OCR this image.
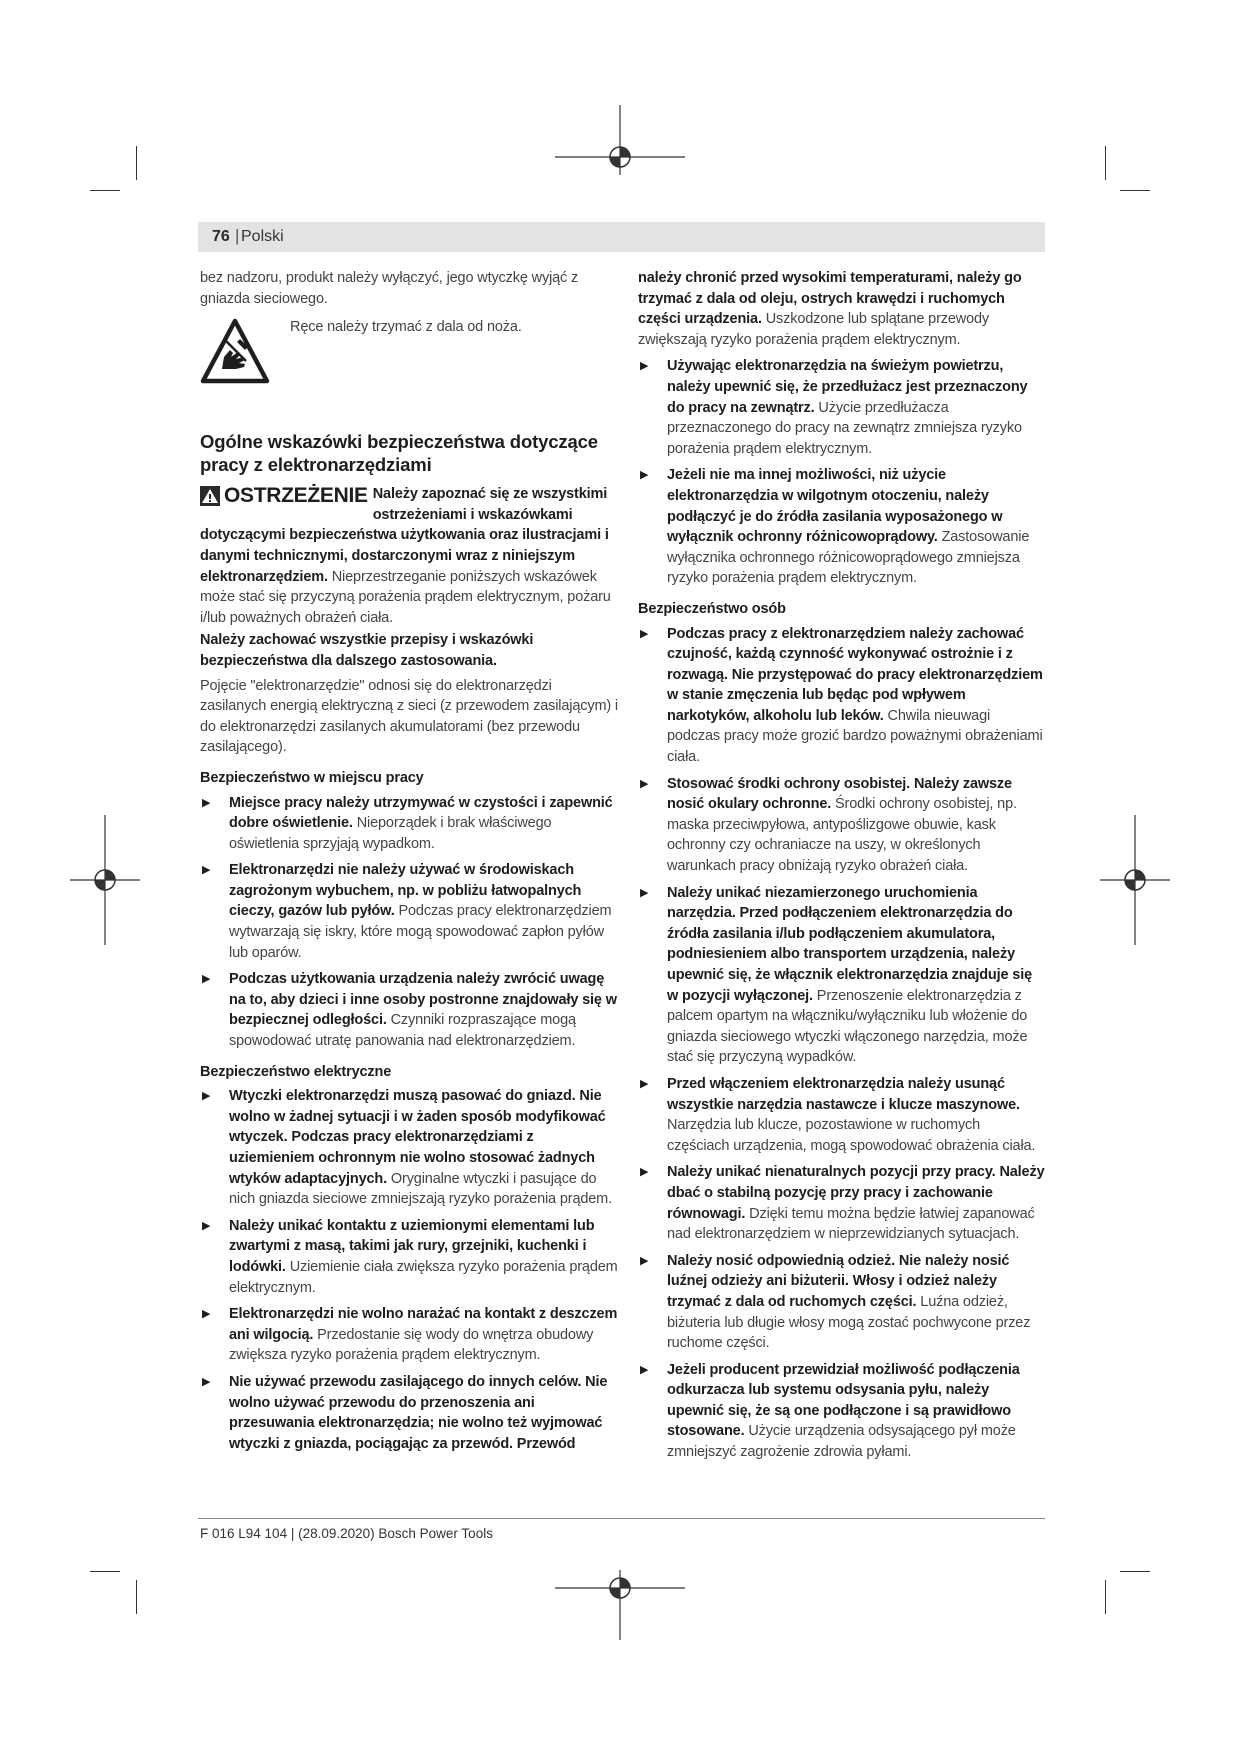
76 | Polski

bez nadzoru, produkt należy wyłączyć, jego wtyczkę wyjąć z gniazda sieciowego.

Ręce należy trzymać z dala od noża.
Ogólne wskazówki bezpieczeństwa dotyczące pracy z elektronarzędziami
OSTRZEŻENIE Należy zapoznać się ze wszystkimi ostrzeżeniami i wskazówkami dotyczącymi bezpieczeństwa użytkowania oraz ilustracjami i danymi technicznymi, dostarczonymi wraz z niniejszym elektronarzędziem. Nieprzestrzeganie poniższych wskazówek może stać się przyczyną porażenia prądem elektrycznym, pożaru i/lub poważnych obrażeń ciała.

Należy zachować wszystkie przepisy i wskazówki bezpieczeństwa dla dalszego zastosowania.

Pojęcie "elektronarzędzie" odnosi się do elektronarzędzi zasilanych energią elektryczną z sieci (z przewodem zasilającym) i do elektronarzędzi zasilanych akumulatorami (bez przewodu zasilającego).

Bezpieczeństwo w miejscu pracy
▶ Miejsce pracy należy utrzymywać w czystości i zapewnić dobre oświetlenie. Nieporządek i brak właściwego oświetlenia sprzyjają wypadkom.
▶ Elektronarzędzi nie należy używać w środowiskach zagrożonym wybuchem, np. w pobliżu łatwopalnych cieczy, gazów lub pyłów. Podczas pracy elektronarzędziem wytwarzają się iskry, które mogą spowodować zapłon pyłów lub oparów.
▶ Podczas użytkowania urządzenia należy zwrócić uwagę na to, aby dzieci i inne osoby postronne znajdowały się w bezpiecznej odległości. Czynniki rozpraszające mogą spowodować utratę panowania nad elektronarzędziem.
Bezpieczeństwo elektryczne
▶ Wtyczki elektronarzędzi muszą pasować do gniazd. Nie wolno w żadnej sytuacji i w żaden sposób modyfikować wtyczek. Podczas pracy elektronarzędziami z uziemieniem ochronnym nie wolno stosować żadnych wtyków adaptacyjnych. Oryginalne wtyczki i pasujące do nich gniazda sieciowe zmniejszają ryzyko porażenia prądem.
▶ Należy unikać kontaktu z uziemionymi elementami lub zwartymi z masą, takimi jak rury, grzejniki, kuchenki i lodówki. Uziemienie ciała zwiększa ryzyko porażenia prądem elektrycznym.
▶ Elektronarzędzi nie wolno narażać na kontakt z deszczem ani wilgocią. Przedostanie się wody do wnętrza obudowy zwiększa ryzyko porażenia prądem elektrycznym.
▶ Nie używać przewodu zasilającego do innych celów. Nie wolno używać przewodu do przenoszenia ani przesuwania elektronarzędzia; nie wolno też wyjmować wtyczki z gniazda, pociągając za przewód. Przewód

należy chronić przed wysokimi temperaturami, należy go trzymać z dala od oleju, ostrych krawędzi i ruchomych części urządzenia. Uszkodzone lub splątane przewody zwiększają ryzyko porażenia prądem elektrycznym.

▶ Używając elektronarzędzia na świeżym powietrzu, należy upewnić się, że przedłużacz jest przeznaczony do pracy na zewnątrz. Użycie przedłużacza przeznaczonego do pracy na zewnątrz zmniejsza ryzyko porażenia prądem elektrycznym.
▶ Jeżeli nie ma innej możliwości, niż użycie elektronarzędzia w wilgotnym otoczeniu, należy podłączyć je do źródła zasilania wyposażonego w wyłącznik ochronny różnicowoprądowy. Zastosowanie wyłącznika ochronnego różnicowoprądowego zmniejsza ryzyko porażenia prądem elektrycznym.
Bezpieczeństwo osób
▶ Podczas pracy z elektronarzędziem należy zachować czujność, każdą czynność wykonywać ostrożnie i z rozwagą. Nie przystępować do pracy elektronarzędziem w stanie zmęczenia lub będąc pod wpływem narkotyków, alkoholu lub leków. Chwila nieuwagi podczas pracy może grozić bardzo poważnymi obrażeniami ciała.
▶ Stosować środki ochrony osobistej. Należy zawsze nosić okulary ochronne. Środki ochrony osobistej, np. maska przeciwpyłowa, antypoślizgowe obuwie, kask ochronny czy ochraniacze na uszy, w określonych warunkach pracy obniżają ryzyko obrażeń ciała.
▶ Należy unikać niezamierzonego uruchomienia narzędzia. Przed podłączeniem elektronarzędzia do źródła zasilania i/lub podłączeniem akumulatora, podniesieniem albo transportem urządzenia, należy upewnić się, że włącznik elektronarzędzia znajduje się w pozycji wyłączonej. Przenoszenie elektronarzędzia z palcem opartym na włączniku/wyłączniku lub włożenie do gniazda sieciowego wtyczki włączonego narzędzia, może stać się przyczyną wypadków.
▶ Przed włączeniem elektronarzędzia należy usunąć wszystkie narzędzia nastawcze i klucze maszynowe. Narzędzia lub klucze, pozostawione w ruchomych częściach urządzenia, mogą spowodować obrażenia ciała.
▶ Należy unikać nienaturalnych pozycji przy pracy. Należy dbać o stabilną pozycję przy pracy i zachowanie równowagi. Dzięki temu można będzie łatwiej zapanować nad elektronarzędziem w nieprzewidzianych sytuacjach.
▶ Należy nosić odpowiednią odzież. Nie należy nosić luźnej odzieży ani biżuterii. Włosy i odzież należy trzymać z dala od ruchomych części. Luźna odzież, biżuteria lub długie włosy mogą zostać pochwycone przez ruchome części.
▶ Jeżeli producent przewidział możliwość podłączenia odkurzacza lub systemu odsysania pyłu, należy upewnić się, że są one podłączone i są prawidłowo stosowane. Użycie urządzenia odsysającego pył może zmniejszyć zagrożenie zdrowia pyłami.
F 016 L94 104 | (28.09.2020) Bosch Power Tools
